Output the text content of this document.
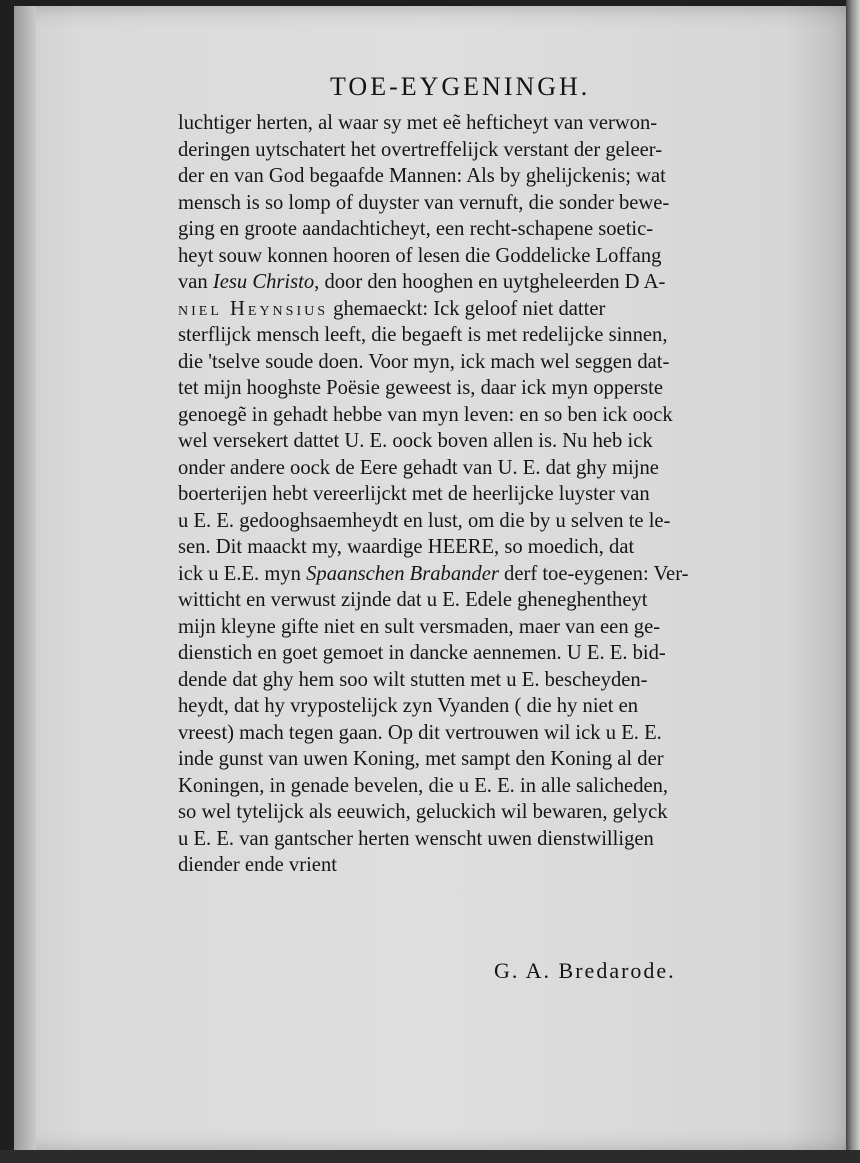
TOE-EYGENINGH.
luchtiger herten, al waar sy met eẽ hefticheyt van verwon-
deringen uytschatert het overtreffelijck verstant der geleer-
der en van God begaafde Mannen: Als by ghelijckenis; wat
mensch is so lomp of duyster van vernuft, die sonder bewe-
ging en groote aandachticheyt, een recht-schapene soetic-
heyt souw konnen hooren of lesen die Goddelicke Loffang
van Iesu Christo, door den hooghen en uytgheleerden D A-
niel Heynsius ghemaeckt: Ick geloof niet datter
sterflijck mensch leeft, die begaeft is met redelijcke sinnen,
die 'tselve soude doen. Voor myn, ick mach wel seggen dat-
tet mijn hooghste Poësie geweest is, daar ick myn opperste
genoegẽ in gehadt hebbe van myn leven: en so ben ick oock
wel versekert dattet U. E. oock boven allen is. Nu heb ick
onder andere oock de Eere gehadt van U. E. dat ghy mijne
boerterijen hebt vereerlijckt met de heerlijcke luyster van
u E. E. gedooghsaemheydt en lust, om die by u selven te le-
sen. Dit maackt my, waardige HEERE, so moedich, dat
ick u E.E. myn Spaanschen Brabander derf toe-eygenen: Ver-
witticht en verwust zijnde dat u E. Edele gheneghentheyt
mijn kleyne gifte niet en sult versmaden, maer van een ge-
dienstich en goet gemoet in dancke aennemen. U E. E. bid-
dende dat ghy hem soo wilt stutten met u E. bescheyden-
heydt, dat hy vrypostelijck zyn Vyanden ( die hy niet en
vreest) mach tegen gaan. Op dit vertrouwen wil ick u E. E.
inde gunst van uwen Koning, met sampt den Koning al der
Koningen, in genade bevelen, die u E. E. in alle salicheden,
so wel tytelijck als eeuwich, geluckich wil bewaren, gelyck
u E. E. van gantscher herten wenscht uwen dienstwilligen
diender ende vrient
G. A. Bredarode.
